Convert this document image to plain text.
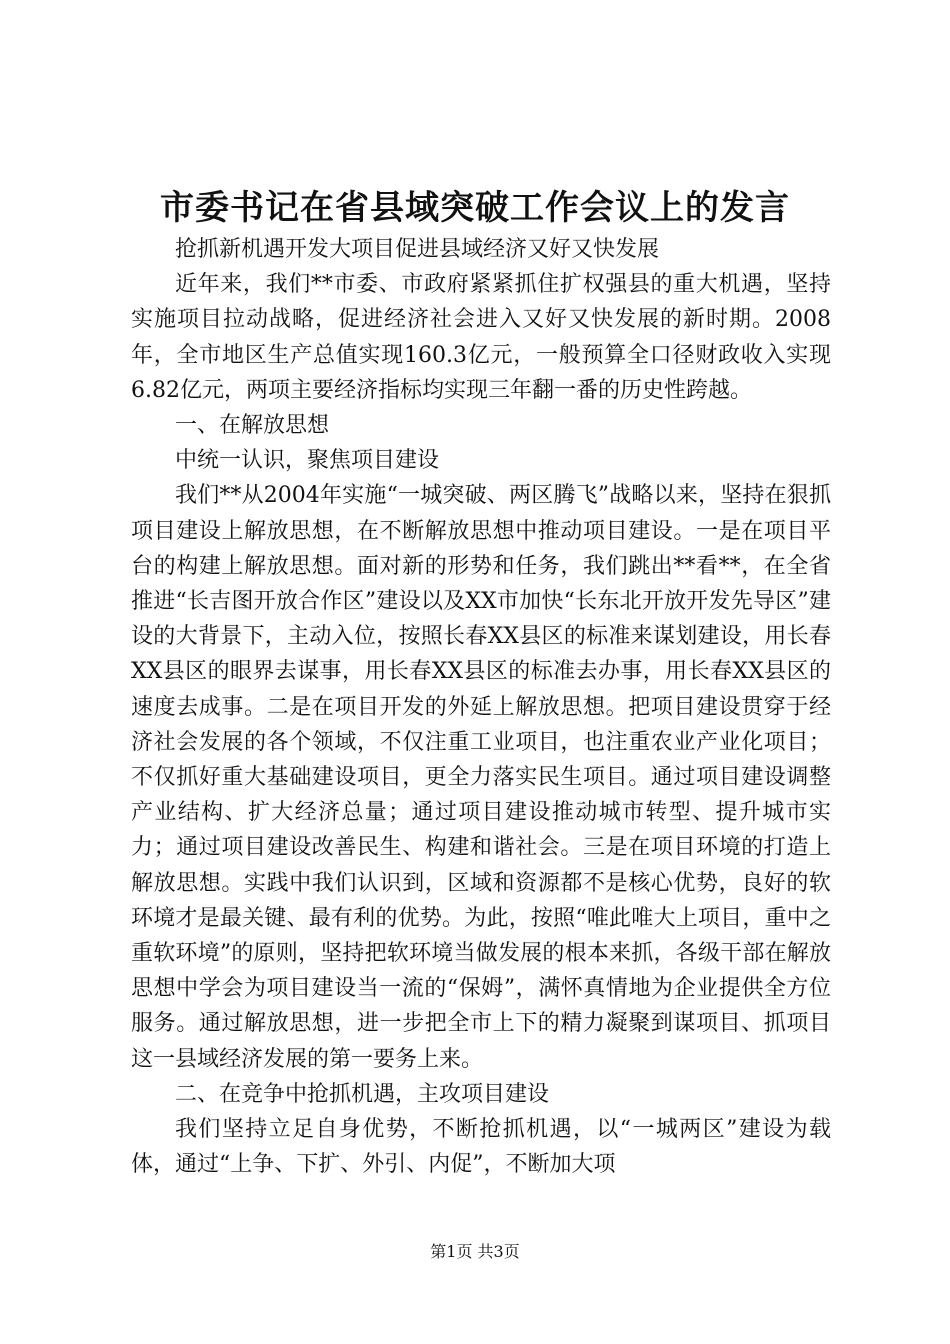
市委书记在省县域突破工作会议上的发言

抢抓新机遇开发大项目促进县域经济又好又快发展

近年来，我们**市委、市政府紧紧抓住扩权强县的重大机遇，坚持实施项目拉动战略，促进经济社会进入又好又快发展的新时期。2008年，全市地区生产总值实现160.3亿元，一般预算全口径财政收入实现6.82亿元，两项主要经济指标均实现三年翻一番的历史性跨越。

一、在解放思想

中统一认识，聚焦项目建设

我们**从2004年实施“一城突破、两区腾飞”战略以来，坚持在狠抓项目建设上解放思想，在不断解放思想中推动项目建设。一是在项目平台的构建上解放思想。面对新的形势和任务，我们跳出**看**，在全省推进“长吉图开放合作区”建设以及XX市加快“长东北开放开发先导区”建设的大背景下，主动入位，按照长春XX县区的标准来谋划建设，用长春XX县区的眼界去谋事，用长春XX县区的标准去办事，用长春XX县区的速度去成事。二是在项目开发的外延上解放思想。把项目建设贯穿于经济社会发展的各个领域，不仅注重工业项目，也注重农业产业化项目；不仅抓好重大基础建设项目，更全力落实民生项目。通过项目建设调整产业结构、扩大经济总量；通过项目建设推动城市转型、提升城市实力；通过项目建设改善民生、构建和谐社会。三是在项目环境的打造上解放思想。实践中我们认识到，区域和资源都不是核心优势，良好的软环境才是最关键、最有利的优势。为此，按照“唯此唯大上项目，重中之重软环境”的原则，坚持把软环境当做发展的根本来抓，各级干部在解放思想中学会为项目建设当一流的“保姆”，满怀真情地为企业提供全方位服务。通过解放思想，进一步把全市上下的精力凝聚到谋项目、抓项目这一县域经济发展的第一要务上来。

二、在竞争中抢抓机遇，主攻项目建设

我们坚持立足自身优势，不断抢抓机遇，以“一城两区”建设为载体，通过“上争、下扩、外引、内促”，不断加大项

第1页 共3页
